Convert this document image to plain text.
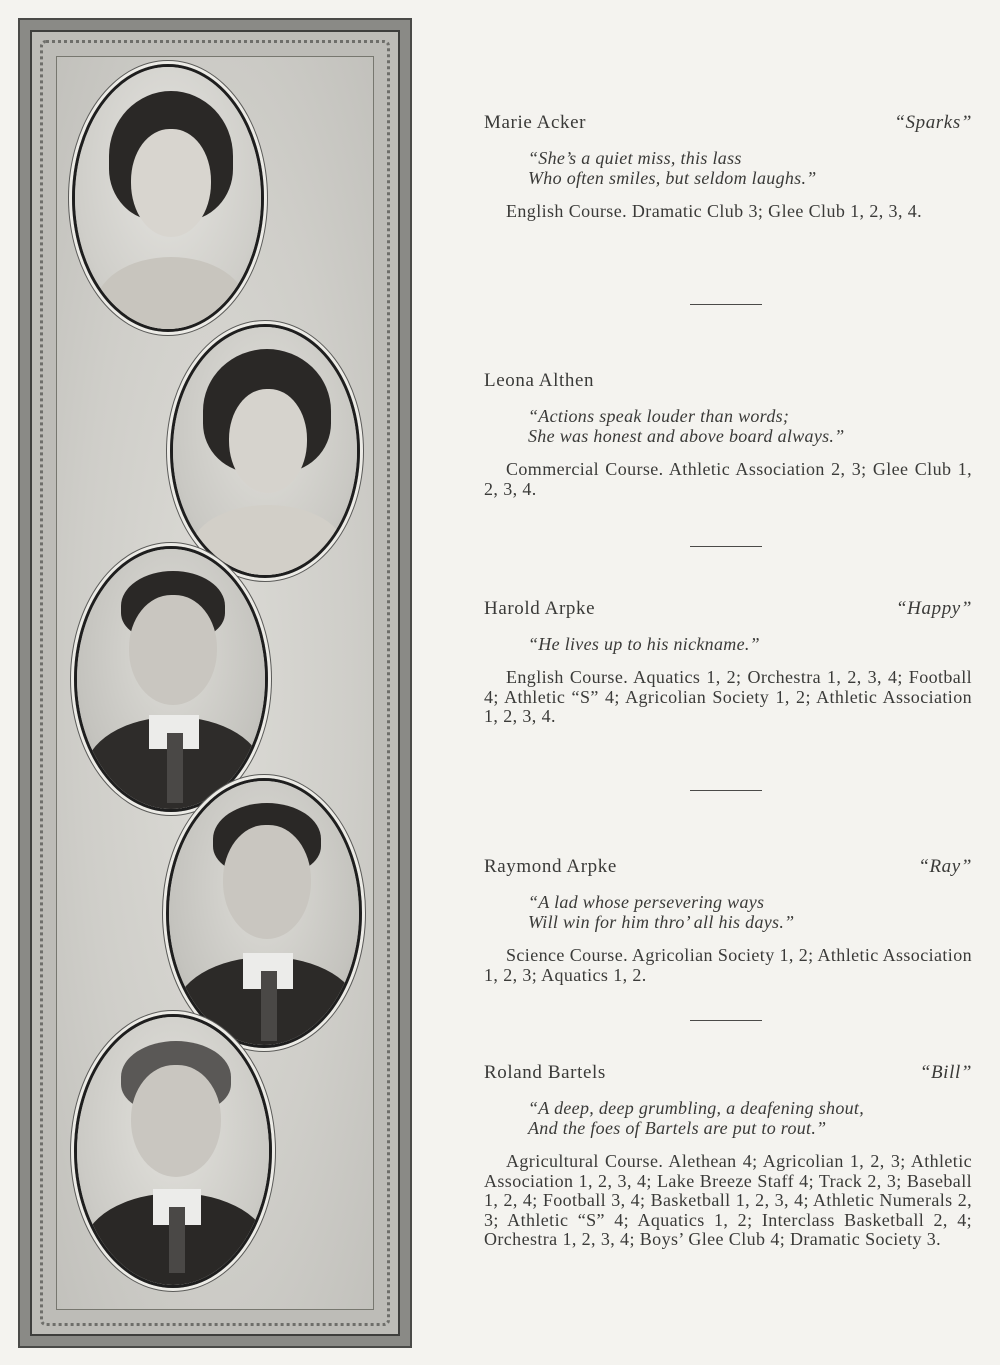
Marie Acker	“Sparks”
“She’s a quiet miss, this lass
Who often smiles, but seldom laughs.”
English Course. Dramatic Club 3; Glee Club 1, 2, 3, 4.
Leona Althen
“Actions speak louder than words;
She was honest and above board always.”
Commercial Course. Athletic Association 2, 3; Glee Club 1, 2, 3, 4.
Harold Arpke	“Happy”
“He lives up to his nickname.”
English Course. Aquatics 1, 2; Orchestra 1, 2, 3, 4; Football 4; Athletic “S” 4; Agricolian Society 1, 2; Athletic Association 1, 2, 3, 4.
Raymond Arpke	“Ray”
“A lad whose persevering ways
Will win for him thro’ all his days.”
Science Course. Agricolian Society 1, 2; Athletic Association 1, 2, 3; Aquatics 1, 2.
Roland Bartels	“Bill”
“A deep, deep grumbling, a deafening shout,
And the foes of Bartels are put to rout.”
Agricultural Course. Alethean 4; Agricolian 1, 2, 3; Athletic Association 1, 2, 3, 4; Lake Breeze Staff 4; Track 2, 3; Baseball 1, 2, 4; Football 3, 4; Basketball 1, 2, 3, 4; Athletic Numerals 2, 3; Athletic “S” 4; Aquatics 1, 2; Interclass Basketball 2, 4; Orchestra 1, 2, 3, 4; Boys’ Glee Club 4; Dramatic Society 3.
